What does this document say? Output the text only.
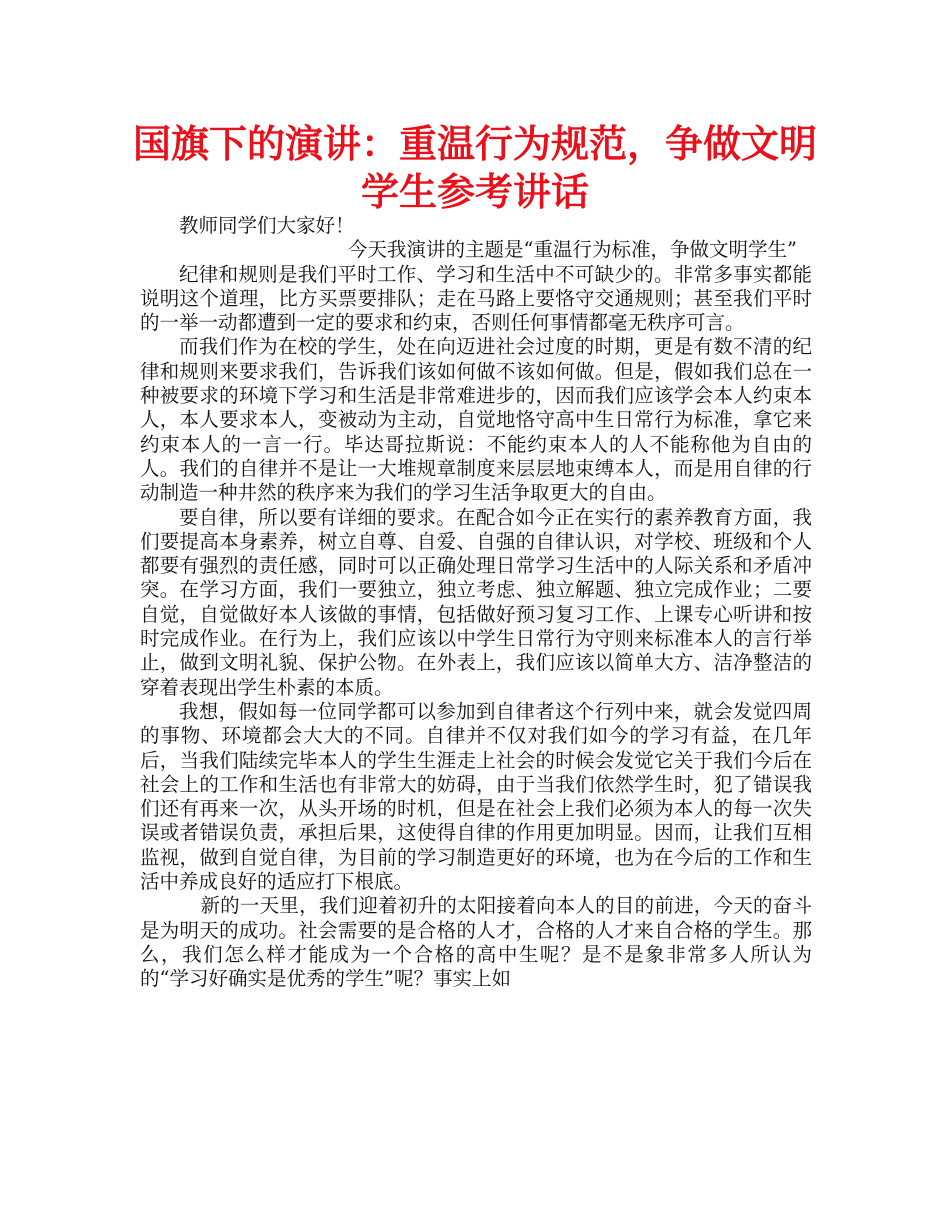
国旗下的演讲：重温行为规范，争做文明学生参考讲话

教师同学们大家好！

今天我演讲的主题是“重温行为标准，争做文明学生”

纪律和规则是我们平时工作、学习和生活中不可缺少的。非常多事实都能说明这个道理，比方买票要排队；走在马路上要恪守交通规则；甚至我们平时的一举一动都遭到一定的要求和约束，否则任何事情都毫无秩序可言。

而我们作为在校的学生，处在向迈进社会过度的时期，更是有数不清的纪律和规则来要求我们，告诉我们该如何做不该如何做。但是，假如我们总在一种被要求的环境下学习和生活是非常难进步的，因而我们应该学会本人约束本人，本人要求本人，变被动为主动，自觉地恪守高中生日常行为标准，拿它来约束本人的一言一行。毕达哥拉斯说：不能约束本人的人不能称他为自由的人。我们的自律并不是让一大堆规章制度来层层地束缚本人，而是用自律的行动制造一种井然的秩序来为我们的学习生活争取更大的自由。

要自律，所以要有详细的要求。在配合如今正在实行的素养教育方面，我们要提高本身素养，树立自尊、自爱、自强的自律认识，对学校、班级和个人都要有强烈的责任感，同时可以正确处理日常学习生活中的人际关系和矛盾冲突。在学习方面，我们一要独立，独立考虑、独立解题、独立完成作业；二要自觉，自觉做好本人该做的事情，包括做好预习复习工作、上课专心听讲和按时完成作业。在行为上，我们应该以中学生日常行为守则来标准本人的言行举止，做到文明礼貌、保护公物。在外表上，我们应该以简单大方、洁净整洁的穿着表现出学生朴素的本质。

我想，假如每一位同学都可以参加到自律者这个行列中来，就会发觉四周的事物、环境都会大大的不同。自律并不仅对我们如今的学习有益，在几年后，当我们陆续完毕本人的学生生涯走上社会的时候会发觉它关于我们今后在社会上的工作和生活也有非常大的妨碍，由于当我们依然学生时，犯了错误我们还有再来一次，从头开场的时机，但是在社会上我们必须为本人的每一次失误或者错误负责，承担后果，这使得自律的作用更加明显。因而，让我们互相监视，做到自觉自律，为目前的学习制造更好的环境，也为在今后的工作和生活中养成良好的适应打下根底。

新的一天里，我们迎着初升的太阳接着向本人的目的前进，今天的奋斗是为明天的成功。社会需要的是合格的人才，合格的人才来自合格的学生。那么，我们怎么样才能成为一个合格的高中生呢？是不是象非常多人所认为的“学习好确实是优秀的学生”呢？事实上如
